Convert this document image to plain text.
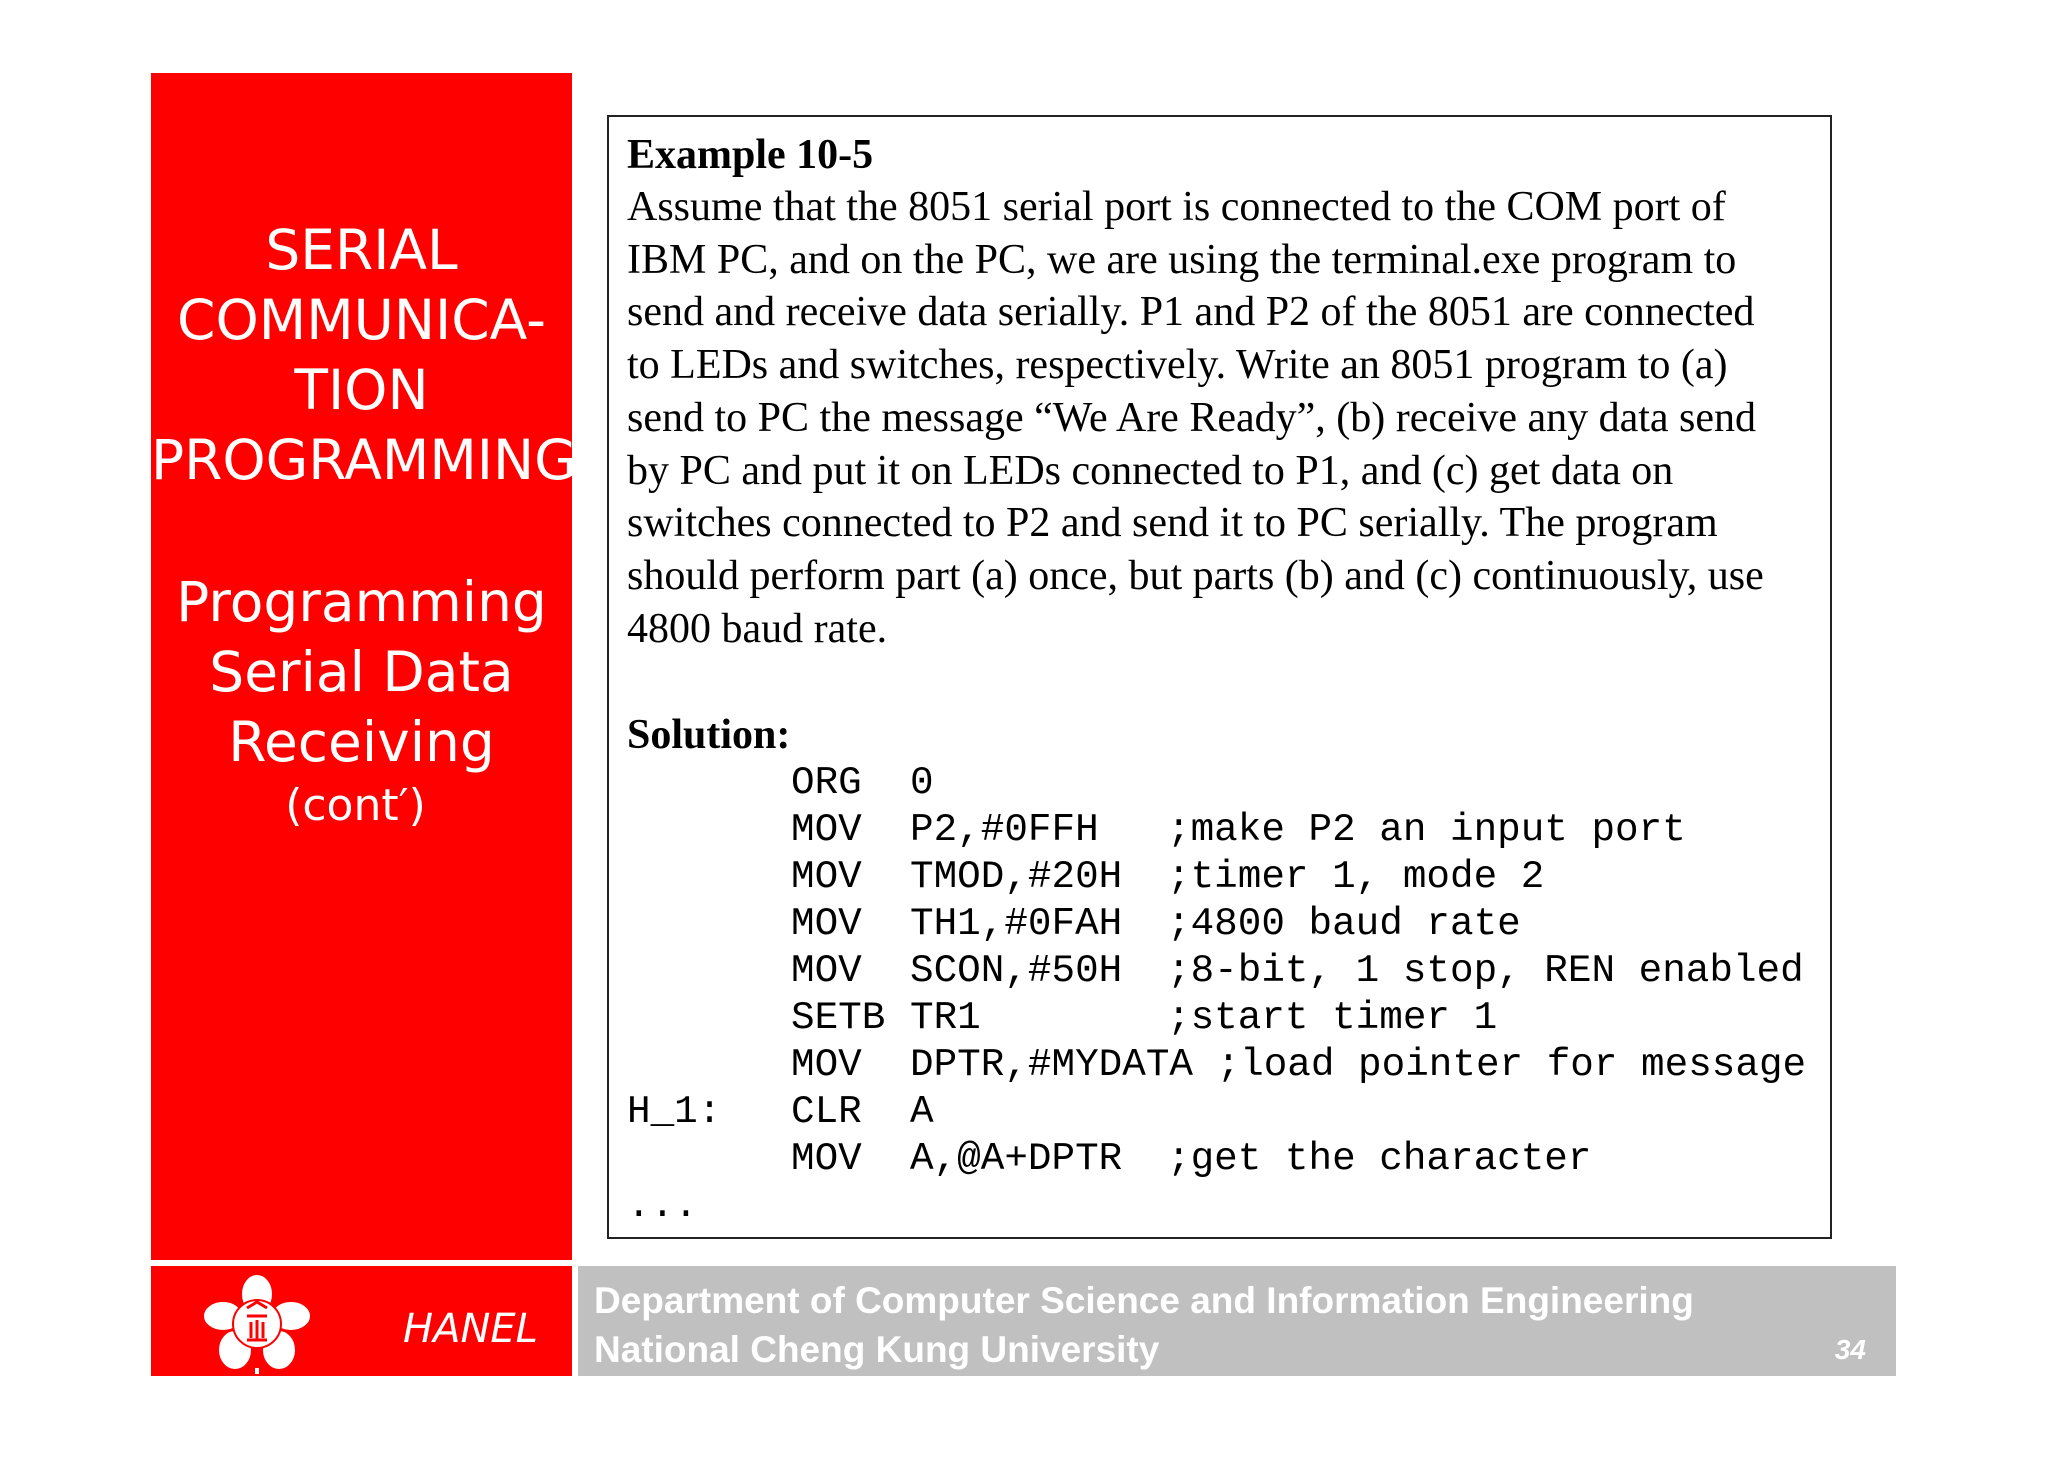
SERIAL
COMMUNICA-
TION
PROGRAMMING
Programming
Serial Data
Receiving
(cont′)
Example 10-5
Assume that the 8051 serial port is connected to the COM port of
IBM PC, and on the PC, we are using the terminal.exe program to
send and receive data serially. P1 and P2 of the 8051 are connected
to LEDs and switches, respectively. Write an 8051 program to (a)
send to PC the message “We Are Ready”, (b) receive any data send
by PC and put it on LEDs connected to P1, and (c) get data on
switches connected to P2 and send it to PC serially. The program
should perform part (a) once, but parts (b) and (c) continuously, use
4800 baud rate.
Solution:

ORG

0

MOV

P2,#0FFH

;make P2 an input port

MOV

TMOD,#20H

;timer 1, mode 2

MOV

TH1,#0FAH

;4800 baud rate

MOV

SCON,#50H

;8-bit, 1 stop, REN enabled

SETB

TR1

	;start timer 1

MOV

DPTR,#MYDATA ;load pointer for message

H_1:

CLR

A

MOV

A,@A+DPTR

;get the character

...

HANEL
Department of Computer Science and Information Engineering
National Cheng Kung University	34
